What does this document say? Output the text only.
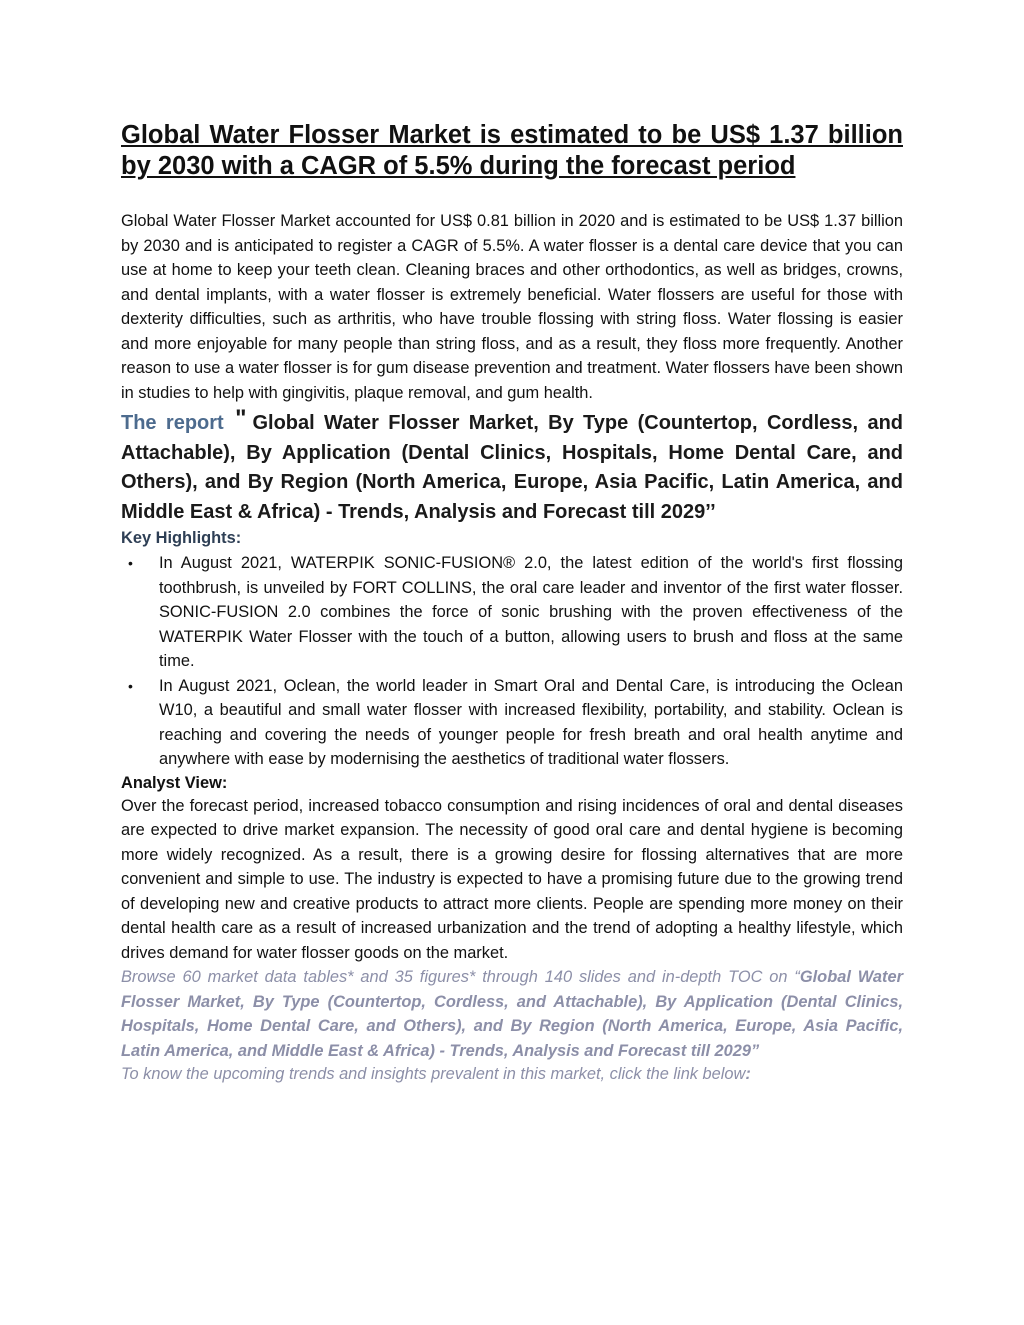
Global Water Flosser Market is estimated to be US$ 1.37 billion by 2030 with a CAGR of 5.5% during the forecast period

Global Water Flosser Market accounted for US$ 0.81 billion in 2020 and is estimated to be US$ 1.37 billion by 2030 and is anticipated to register a CAGR of 5.5%. A water flosser is a dental care device that you can use at home to keep your teeth clean. Cleaning braces and other orthodontics, as well as bridges, crowns, and dental implants, with a water flosser is extremely beneficial. Water flossers are useful for those with dexterity difficulties, such as arthritis, who have trouble flossing with string floss. Water flossing is easier and more enjoyable for many people than string floss, and as a result, they floss more frequently. Another reason to use a water flosser is for gum disease prevention and treatment. Water flossers have been shown in studies to help with gingivitis, plaque removal, and gum health.

The report " Global Water Flosser Market, By Type (Countertop, Cordless, and Attachable), By Application (Dental Clinics, Hospitals, Home Dental Care, and Others), and By Region (North America, Europe, Asia Pacific, Latin America, and Middle East & Africa) - Trends, Analysis and Forecast till 2029’’

Key Highlights:

• In August 2021, WATERPIK SONIC-FUSION® 2.0, the latest edition of the world's first flossing toothbrush, is unveiled by FORT COLLINS, the oral care leader and inventor of the first water flosser. SONIC-FUSION 2.0 combines the force of sonic brushing with the proven effectiveness of the WATERPIK Water Flosser with the touch of a button, allowing users to brush and floss at the same time.
• In August 2021, Oclean, the world leader in Smart Oral and Dental Care, is introducing the Oclean W10, a beautiful and small water flosser with increased flexibility, portability, and stability. Oclean is reaching and covering the needs of younger people for fresh breath and oral health anytime and anywhere with ease by modernising the aesthetics of traditional water flossers.

Analyst View:

Over the forecast period, increased tobacco consumption and rising incidences of oral and dental diseases are expected to drive market expansion. The necessity of good oral care and dental hygiene is becoming more widely recognized. As a result, there is a growing desire for flossing alternatives that are more convenient and simple to use. The industry is expected to have a promising future due to the growing trend of developing new and creative products to attract more clients. People are spending more money on their dental health care as a result of increased urbanization and the trend of adopting a healthy lifestyle, which drives demand for water flosser goods on the market.

Browse 60 market data tables* and 35 figures* through 140 slides and in-depth TOC on “Global Water Flosser Market, By Type (Countertop, Cordless, and Attachable), By Application (Dental Clinics, Hospitals, Home Dental Care, and Others), and By Region (North America, Europe, Asia Pacific, Latin America, and Middle East & Africa) - Trends, Analysis and Forecast till 2029”

To know the upcoming trends and insights prevalent in this market, click the link below:
